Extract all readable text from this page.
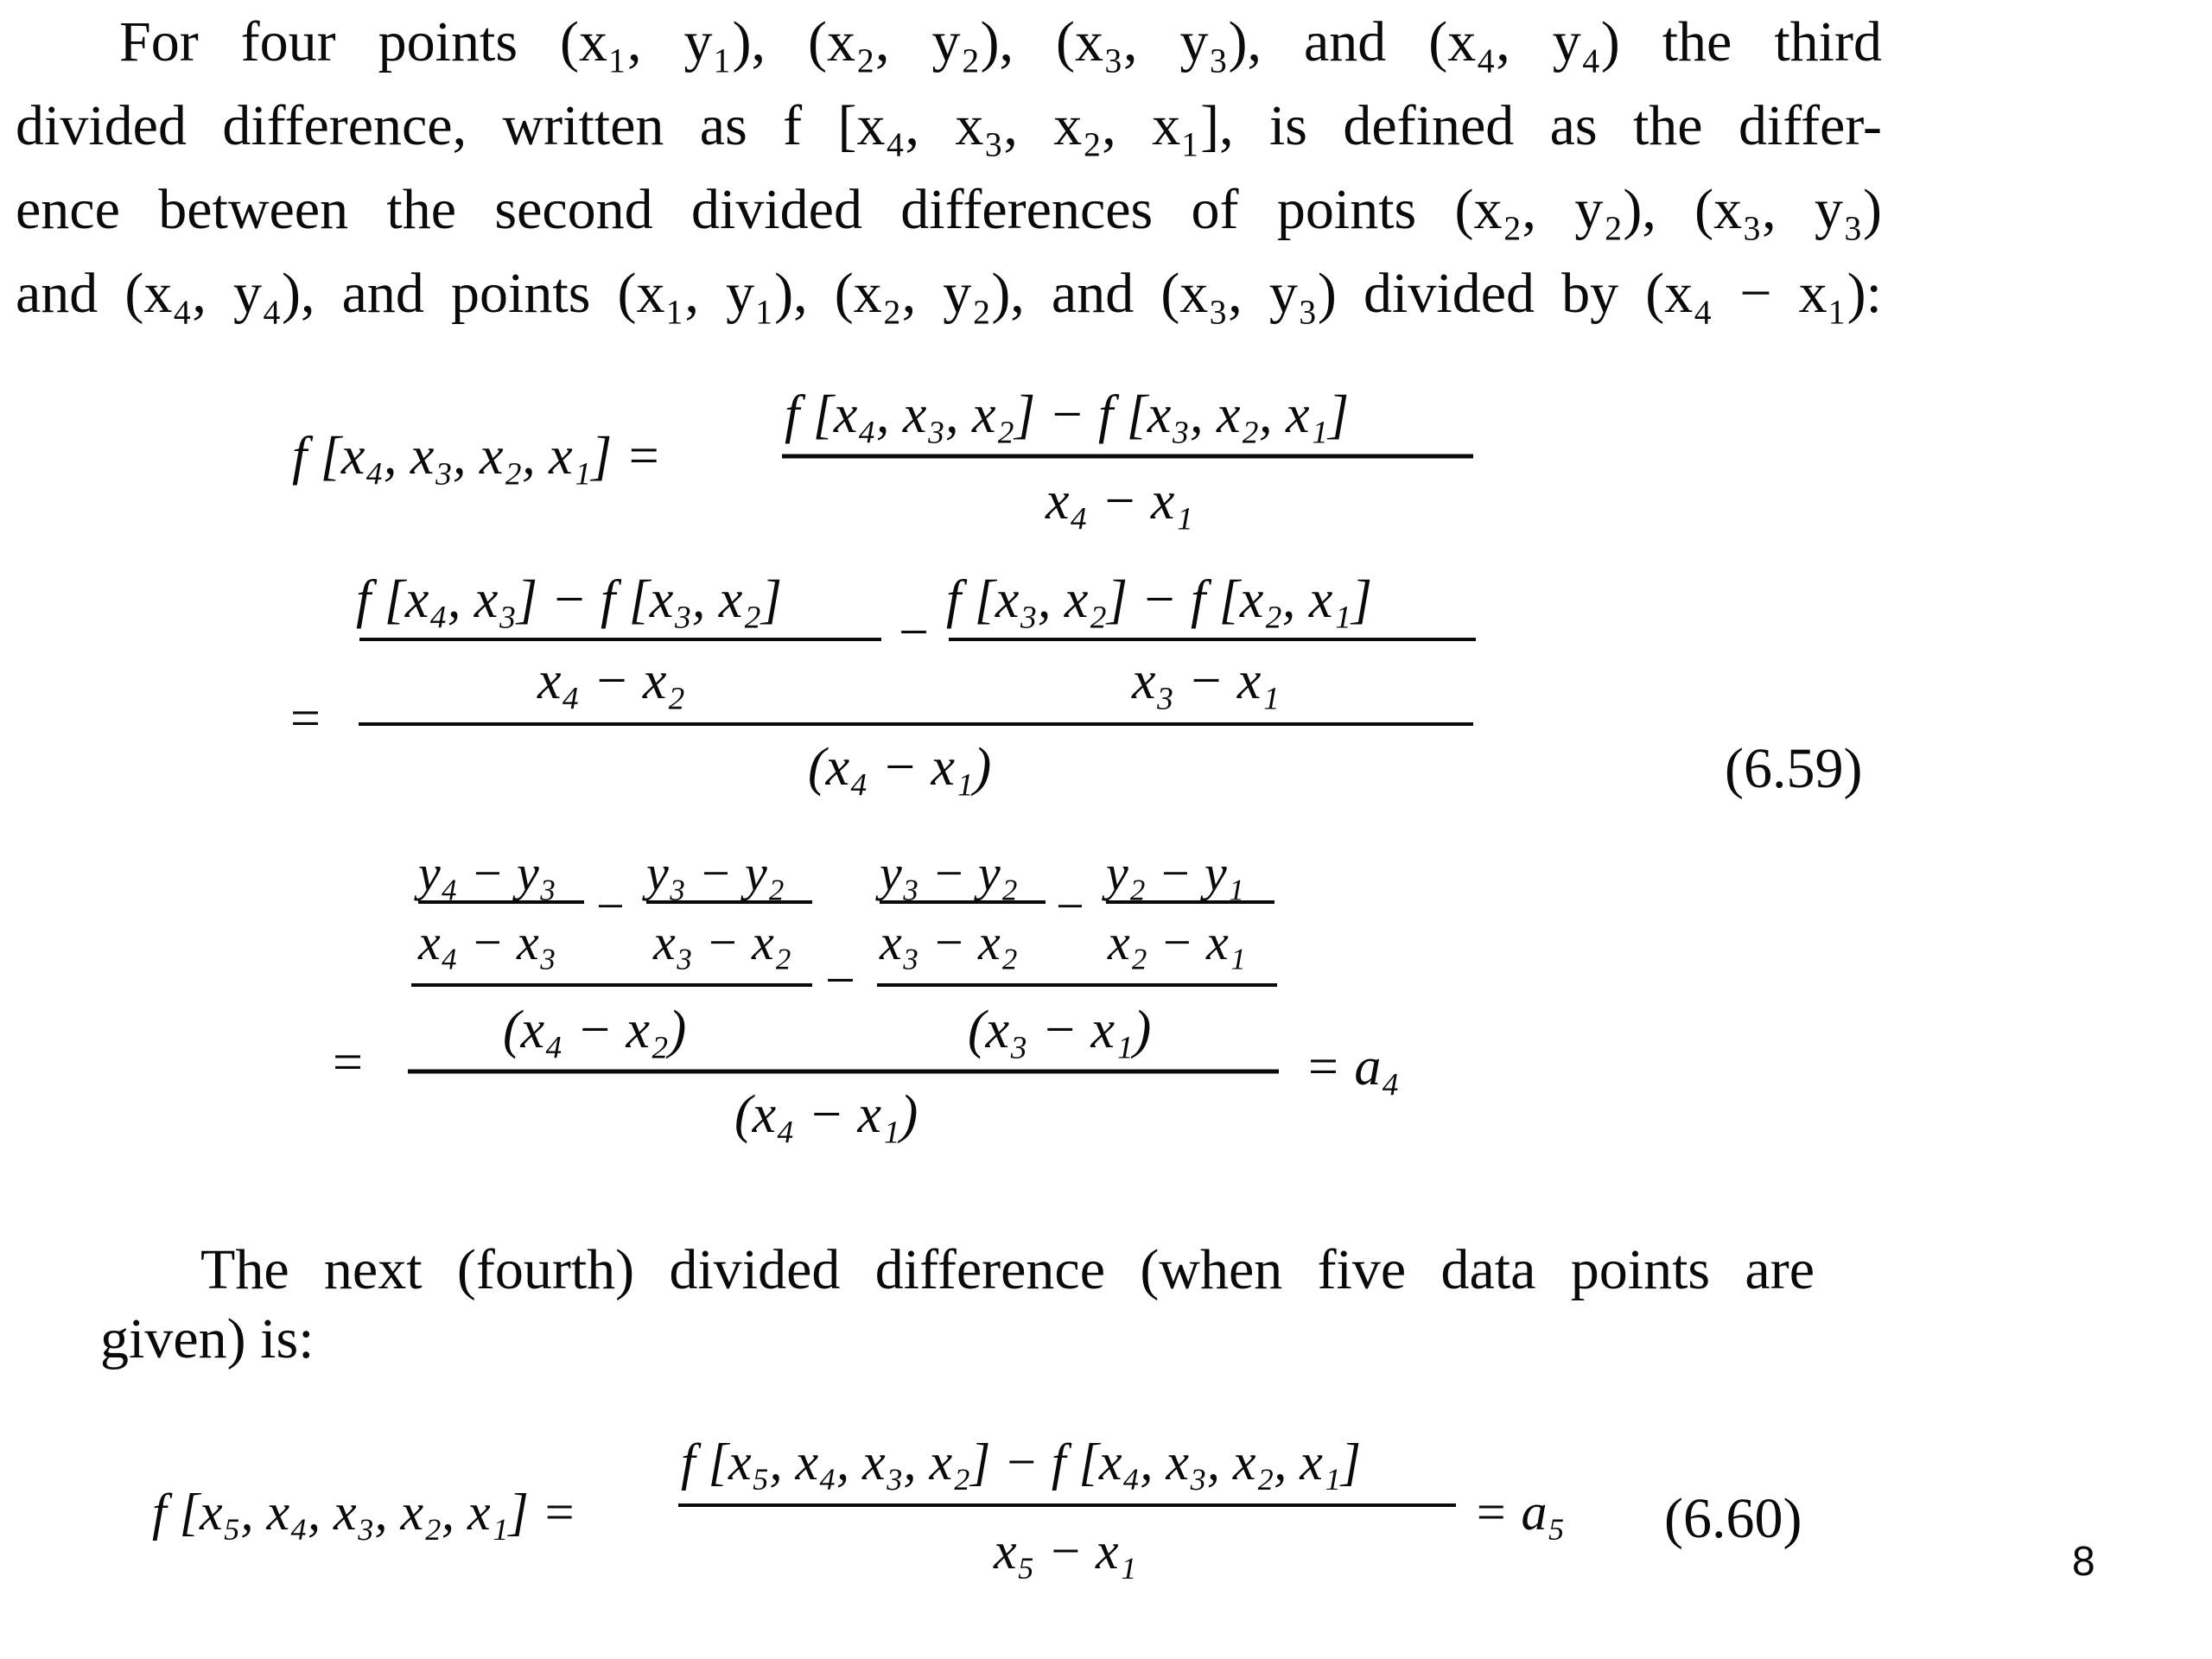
For four points (x₁, y₁), (x₂, y₂), (x₃, y₃), and (x₄, y₄) the third
divided difference, written as f [x₄, x₃, x₂, x₁], is defined as the differ-
ence between the second divided differences of points (x₂, y₂), (x₃, y₃)
and (x₄, y₄), and points (x₁, y₁), (x₂, y₂), and (x₃, y₃) divided by (x₄ − x₁):
f [x₄, x₃, x₂, x₁] =
f [x₄, x₃, x₂] − f [x₃, x₂, x₁]
x₄ − x₁
f [x₄, x₃] − f [x₃, x₂]
x₄ − x₂
−
f [x₃, x₂] − f [x₂, x₁]
x₃ − x₁
=
(x₄ − x₁)
y₄ − y₃
x₄ − x₃
−
y₃ − y₂
x₃ − x₂
y₃ − y₂
x₃ − x₂
−
y₂ − y₁
x₂ − x₁
−
(x₄ − x₂)	(x₃ − x₁)
=
(x₄ − x₁)
= a₄
(6.59)
The next (fourth) divided difference (when five data points are
given) is:
f [x₅, x₄, x₃, x₂, x₁] =
f [x₅, x₄, x₃, x₂] − f [x₄, x₃, x₂, x₁]
x₅ − x₁
= a₅ (6.60)
8
